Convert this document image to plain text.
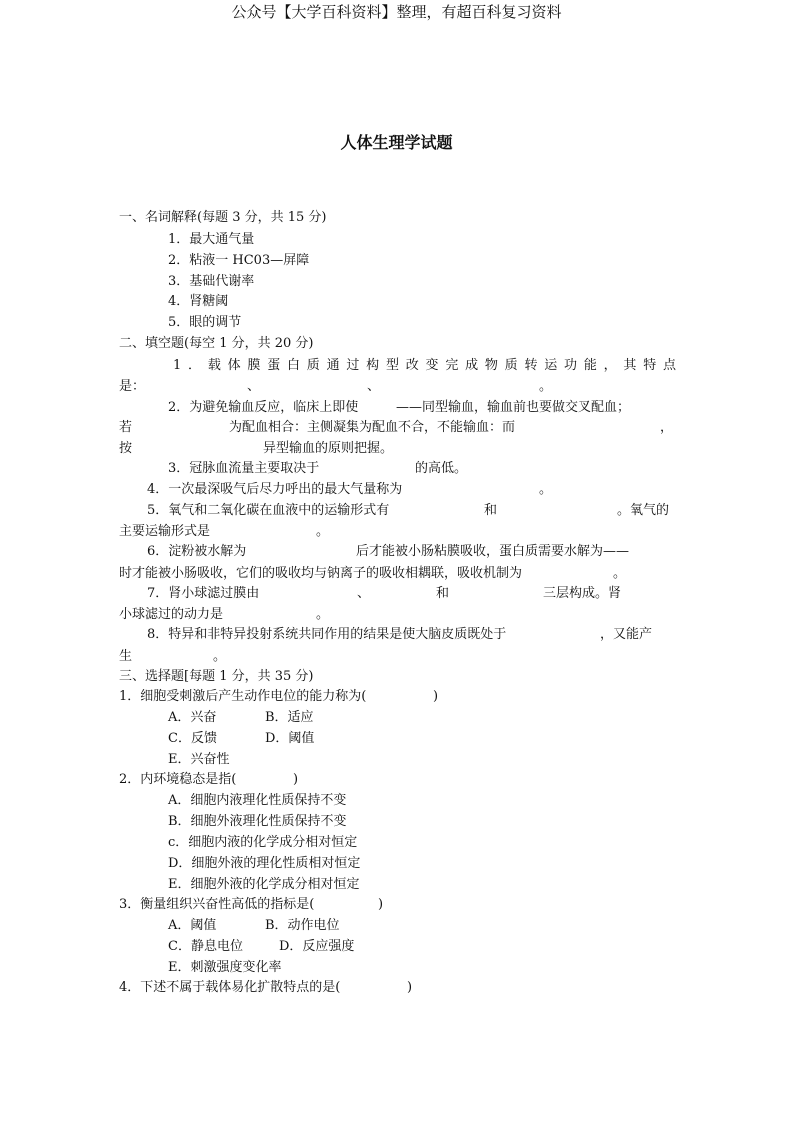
公众号【大学百科资料】整理，有超百科复习资料
人体生理学试题
一、名词解释(每题 3 分，共 15 分)
1．最大通气量
2．粘液一 HC03—屏障
3．基础代谢率
4．肾糖阈
5．眼的调节
二、填空题(每空 1 分，共 20 分)
1．载体膜蛋白质通过构型改变完成物质转运功能，其特点
是：	、	、	。
2．为避免输血反应，临床上即使	——同型输血，输血前也要做交叉配血；
若	为配血相合：主侧凝集为配血不合，不能输血：而	，
按	异型输血的原则把握。
3．冠脉血流量主要取决于	的高低。
4．一次最深吸气后尽力呼出的最大气量称为	。
5．氧气和二氧化碳在血液中的运输形式有	和	。氧气的
主要运输形式是	。
6．淀粉被水解为	后才能被小肠粘膜吸收，蛋白质需要水解为——
时才能被小肠吸收，它们的吸收均与钠离子的吸收相耦联，吸收机制为	。
7．肾小球滤过膜由	、	和	三层构成。肾
小球滤过的动力是	。
8．特异和非特异投射系统共同作用的结果是使大脑皮质既处于	，又能产
生	。
三、选择题[每题 1 分，共 35 分)
1．细胞受刺激后产生动作电位的能力称为(	)
A．兴奋	B．适应
C．反馈	D．阈值
E．兴奋性
2．内环境稳态是指(	)
A．细胞内液理化性质保持不变
B．细胞外液理化性质保持不变
c．细胞内液的化学成分相对恒定
D．细胞外液的理化性质相对恒定
E．细胞外液的化学成分相对恒定
3．衡量组织兴奋性高低的指标是(	)
A．阈值	B．动作电位
C．静息电位	D．反应强度
E．刺激强度变化率
4．下述不属于载体易化扩散特点的是(	)
